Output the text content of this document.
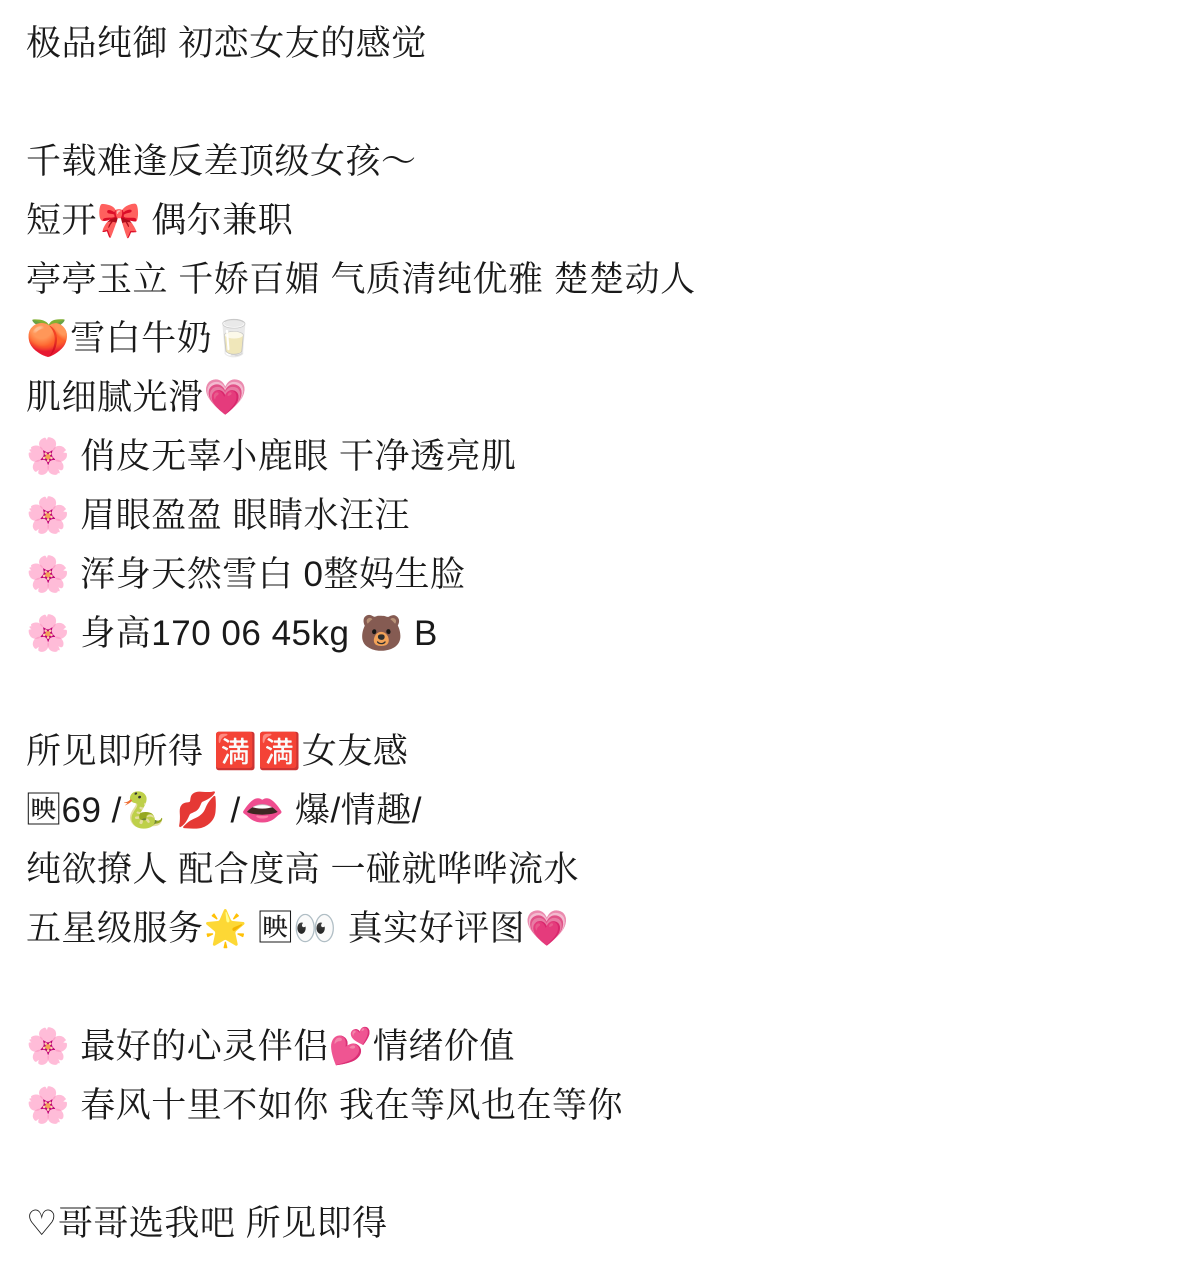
极品纯御 初恋女友的感觉
千载难逢反差顶级女孩～
短开🎀 偶尔兼职
亭亭玉立 千娇百媚 气质清纯优雅 楚楚动人
🍑雪白牛奶🥛
肌细腻光滑💗
🌸 俏皮无辜小鹿眼 干净透亮肌
🌸 眉眼盈盈 眼睛水汪汪
🌸 浑身天然雪白 0整妈生脸
🌸 身高170 06 45kg 🐻 B
所见即所得 🈵🈵女友感
🈙69 /🐍 💋 /👄 爆/情趣/
纯欲撩人 配合度高 一碰就哗哗流水
五星级服务🌟 🈙👀 真实好评图💗
🌸 最好的心灵伴侣💕情绪价值
🌸 春风十里不如你 我在等风也在等你
♡哥哥选我吧 所见即得
